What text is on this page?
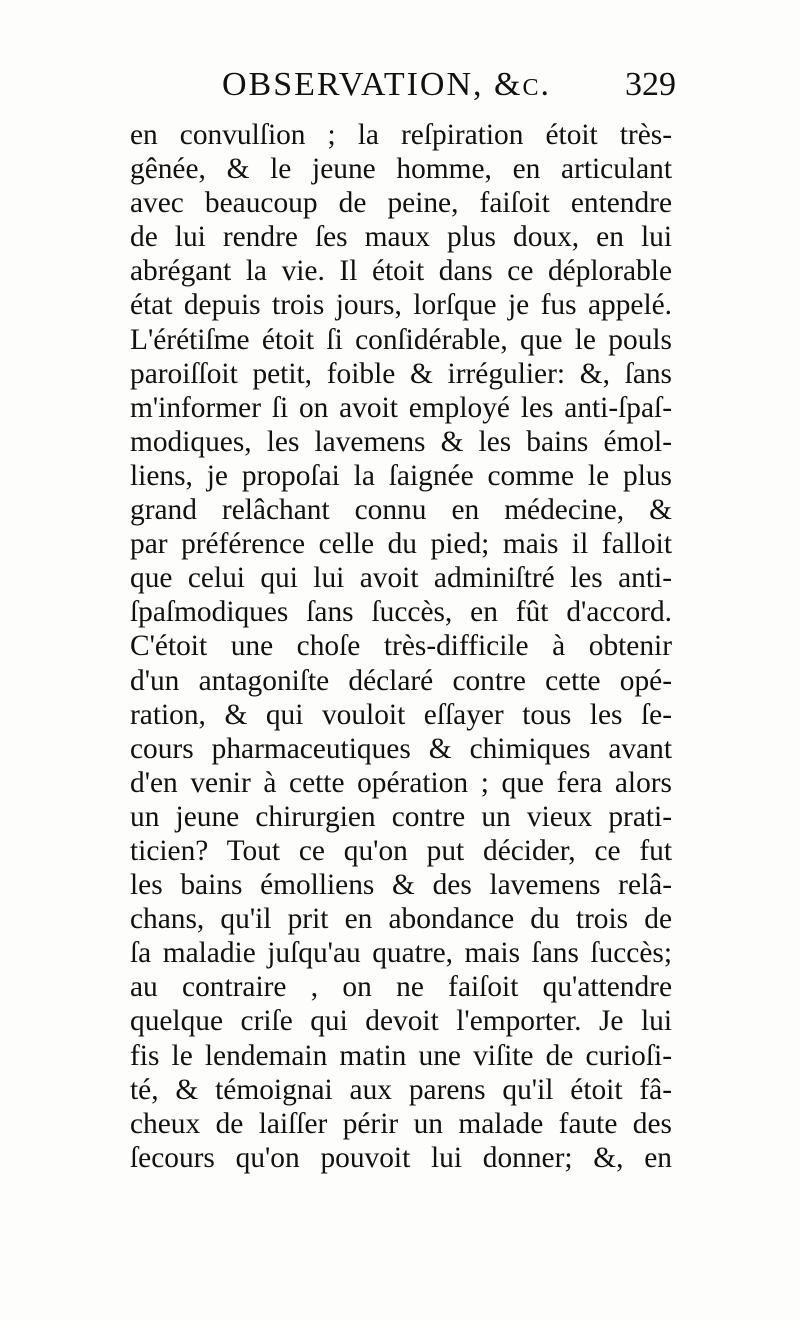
OBSERVATION, &c. 329
en convulſion ; la reſpiration étoit très-
gênée, & le jeune homme, en articulant
avec beaucoup de peine, faiſoit entendre
de lui rendre ſes maux plus doux, en lui
abrégant la vie. Il étoit dans ce déplorable
état depuis trois jours, lorſque je fus appelé.
L'érétiſme étoit ſi conſidérable, que le pouls
paroiſſoit petit, foible & irrégulier: &, ſans
m'informer ſi on avoit employé les anti-ſpaſ-
modiques, les lavemens & les bains émol-
liens, je propoſai la ſaignée comme le plus
grand relâchant connu en médecine, &
par préférence celle du pied; mais il falloit
que celui qui lui avoit adminiſtré les anti-
ſpaſmodiques ſans ſuccès, en fût d'accord.
C'étoit une choſe très-difficile à obtenir
d'un antagoniſte déclaré contre cette opé-
ration, & qui vouloit eſſayer tous les ſe-
cours pharmaceutiques & chimiques avant
d'en venir à cette opération ; que fera alors
un jeune chirurgien contre un vieux prati-
ticien? Tout ce qu'on put décider, ce fut
les bains émolliens & des lavemens relâ-
chans, qu'il prit en abondance du trois de
ſa maladie juſqu'au quatre, mais ſans ſuccès;
au contraire , on ne faiſoit qu'attendre
quelque criſe qui devoit l'emporter. Je lui
fis le lendemain matin une viſite de curioſi-
té, & témoignai aux parens qu'il étoit fâ-
cheux de laiſſer périr un malade faute des
ſecours qu'on pouvoit lui donner; &, en
